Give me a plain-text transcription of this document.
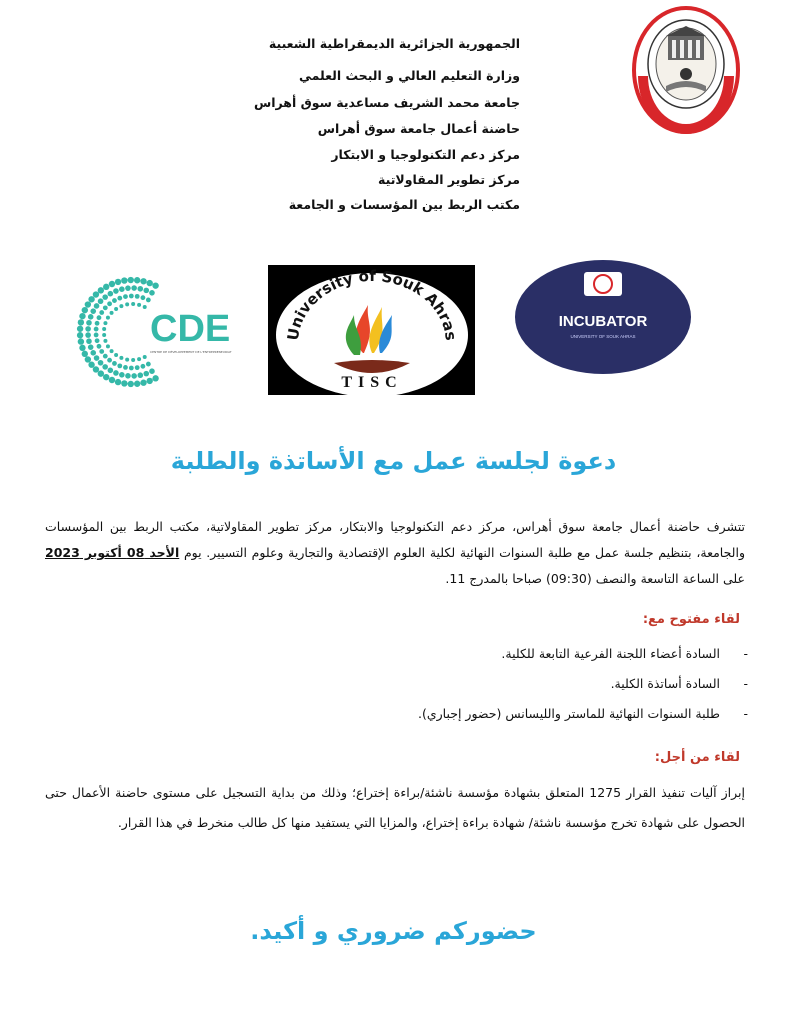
الجمهورية الجزائرية الديمقراطية الشعبية
وزارة التعليم العالي و البحث العلمي
جامعة محمد الشريف مساعدية سوق أهراس
حاضنة أعمال جامعة سوق أهراس
مركز دعم التكنولوجيا و الابتكار
مركز تطوير المقاولاتية
مكتب الربط بين المؤسسات و الجامعة
CDE
CENTRE DE DÉVELOPPEMENT DE L'ENTREPRENEURIAT
University of Souk Ahras
TISC
INCUBATOR
UNIVERSITY OF SOUK AHRAS
دعوة لجلسة عمل مع الأساتذة والطلبة
تتشرف حاضنة أعمال جامعة سوق أهراس، مركز دعم التكنولوجيا والابتكار، مركز تطوير المقاولاتية، مكتب الربط بين المؤسسات والجامعة، بتنظيم جلسة عمل مع طلبة السنوات النهائية لكلية العلوم الإقتصادية والتجارية وعلوم التسيير. يوم الأحد 08 أكتوبر 2023 على الساعة التاسعة والنصف (09:30) صباحا بالمدرج 11.
لقاء مفتوح مع:
-
السادة أعضاء اللجنة الفرعية التابعة للكلية.
-
السادة أساتذة الكلية.
-
طلبة السنوات النهائية للماستر والليسانس (حضور إجباري).
لقاء من أجل:
إبراز آليات تنفيذ القرار 1275 المتعلق بشهادة مؤسسة ناشئة/براءة إختراع؛ وذلك من بداية التسجيل على مستوى حاضنة الأعمال حتى الحصول على شهادة تخرج مؤسسة ناشئة/ شهادة براءة إختراع، والمزايا التي يستفيد منها كل طالب منخرط في هذا القرار.
حضوركم ضروري و أكيد.
